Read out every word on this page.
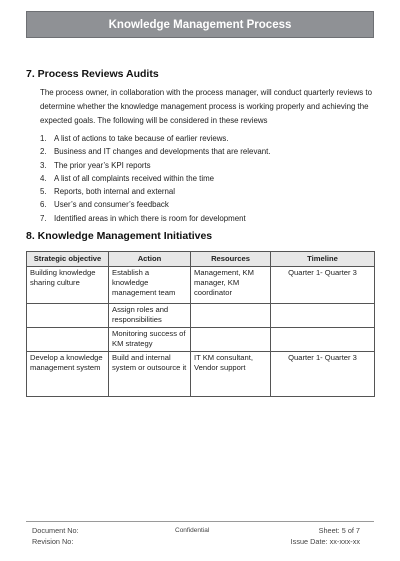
Knowledge Management Process
7. Process Reviews Audits
The process owner, in collaboration with the process manager, will conduct quarterly reviews to determine whether the knowledge management process is working properly and achieving the expected goals. The following will be considered in these reviews
1. A list of actions to take because of earlier reviews.
2. Business and IT changes and developments that are relevant.
3. The prior year’s KPI reports
4. A list of all complaints received within the time
5. Reports, both internal and external
6. User’s and consumer’s feedback
7. Identified areas in which there is room for development
8. Knowledge Management Initiatives
Strategic objective	Action	Resources	Timeline
Building knowledge sharing culture	Establish a knowledge management team	Management, KM manager, KM coordinator	Quarter 1- Quarter 3
	Assign roles and responsibilities		
	Monitoring success of KM strategy		
Develop a knowledge management system	Build and internal system or outsource it	IT KM consultant, Vendor support	Quarter 1- Quarter 3
Document No:
Revision No:
Confidential	Sheet: 5 of 7
Issue Date: xx-xxx-xx
